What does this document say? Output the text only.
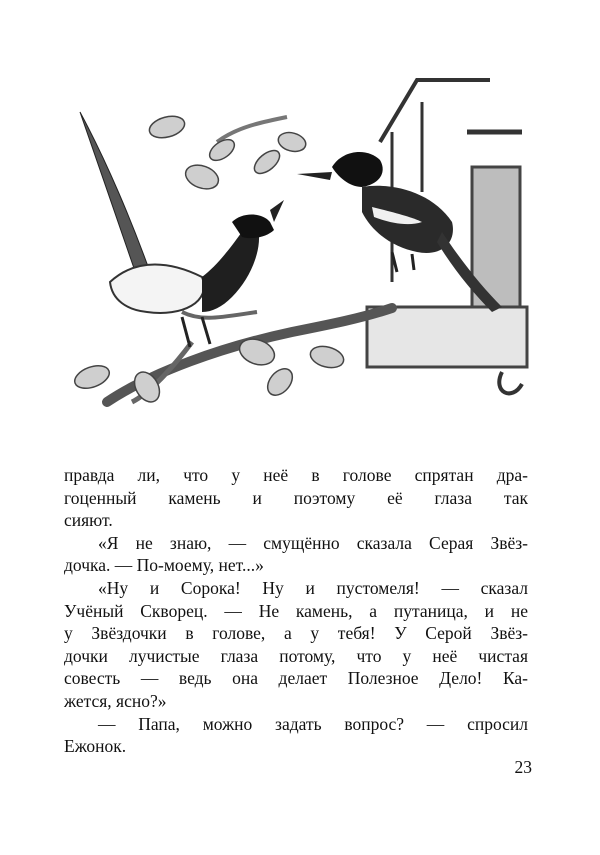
правда ли, что у неё в голове спрятан дра-
гоценный камень и поэтому её глаза так
сияют.
«Я не знаю, — смущённо сказала Серая Звёз-
дочка. — По-моему, нет...»
«Ну и Сорока! Ну и пустомеля! — сказал
Учёный Скворец. — Не камень, а путаница, и не
у Звёздочки в голове, а у тебя! У Серой Звёз-
дочки лучистые глаза потому, что у неё чистая
совесть — ведь она делает Полезное Дело! Ка-
жется, ясно?»
— Папа, можно задать вопрос? — спросил
Ежонок.
23
